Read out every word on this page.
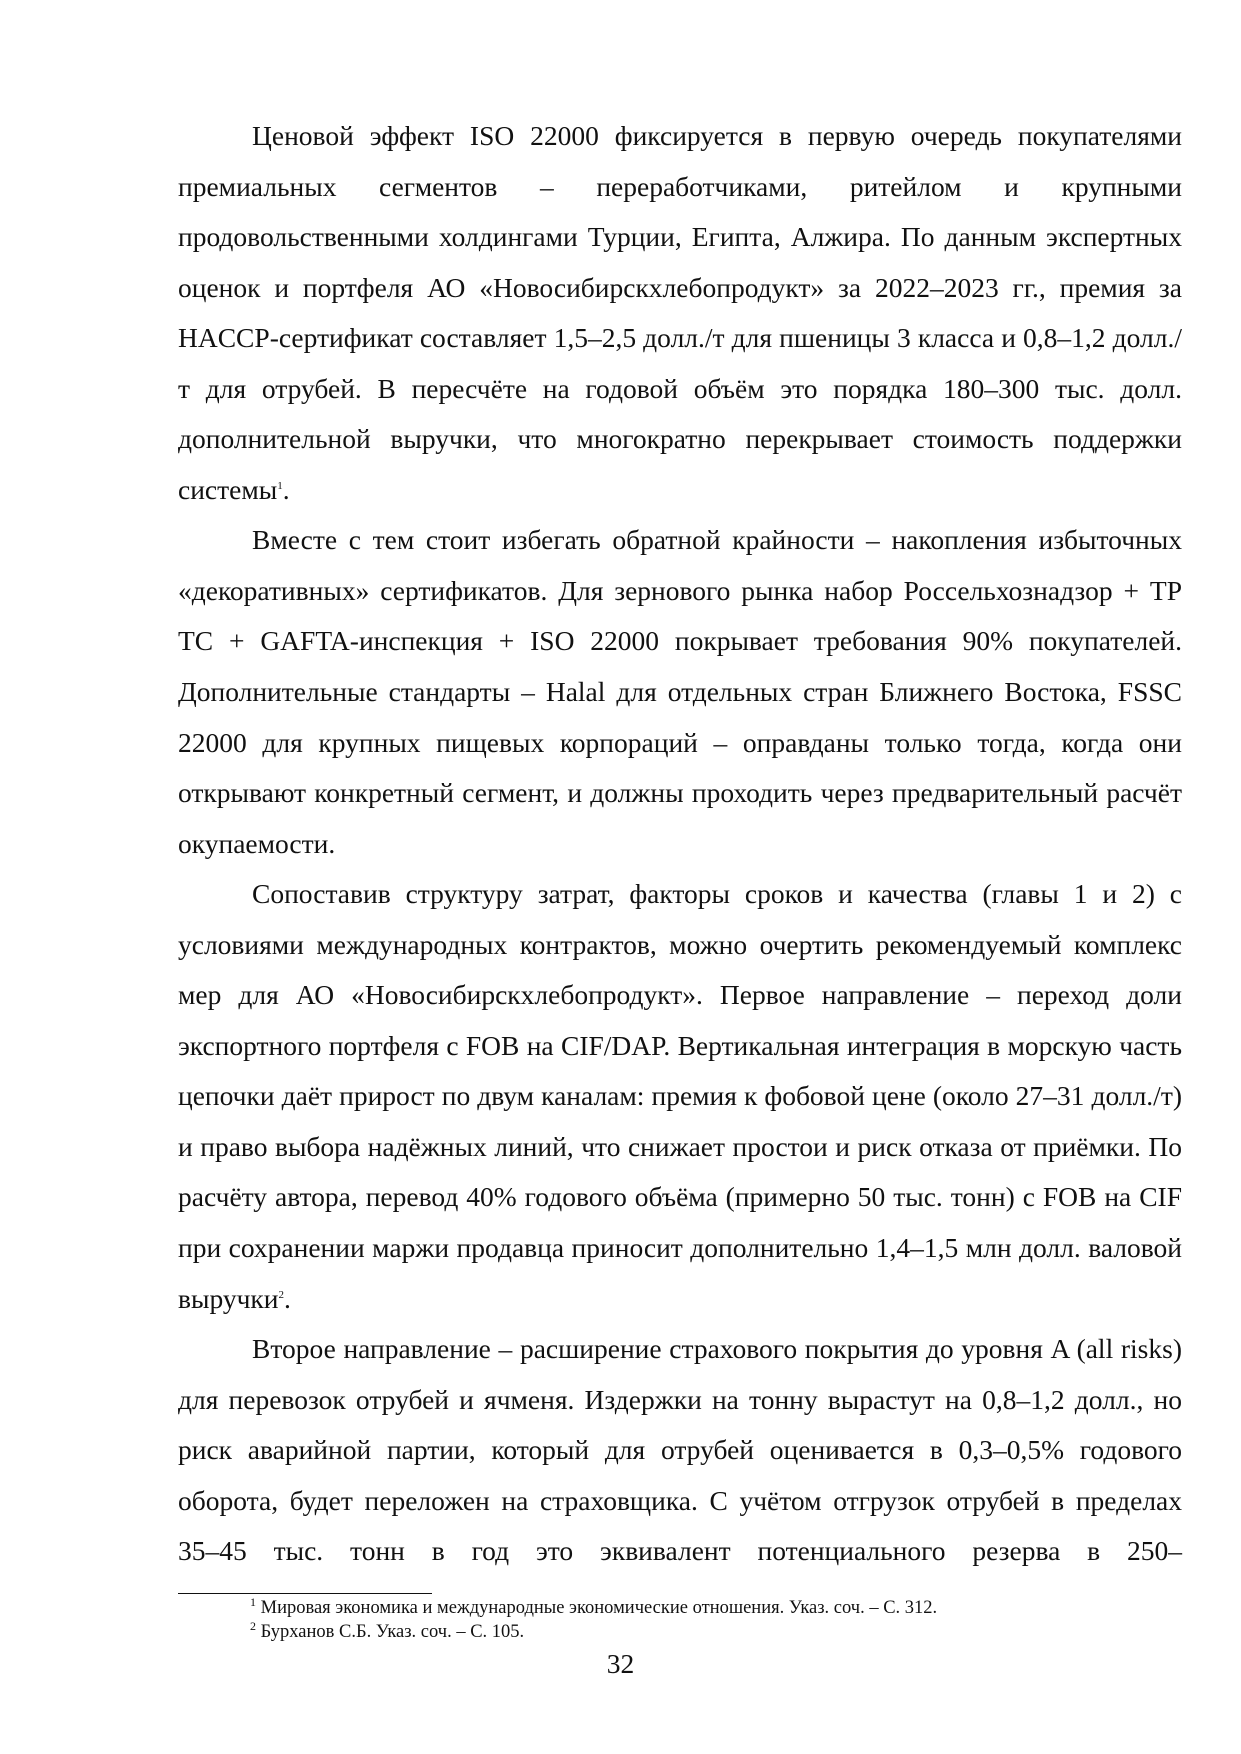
Ценовой эффект ISO 22000 фиксируется в первую очередь покупателями премиальных сегментов – переработчиками, ритейлом и крупными продовольственными холдингами Турции, Египта, Алжира. По данным экспертных оценок и портфеля АО «Новосибирскхлебопродукт» за 2022–2023 гг., премия за HACCP-сертификат составляет 1,5–2,5 долл./т для пшеницы 3 класса и 0,8–1,2 долл./т для отрубей. В пересчёте на годовой объём это порядка 180–300 тыс. долл. дополнительной выручки, что многократно перекрывает стоимость поддержки системы$^1$.

Вместе с тем стоит избегать обратной крайности – накопления избыточных «декоративных» сертификатов. Для зернового рынка набор Россельхознадзор + ТР ТС + GAFTA-инспекция + ISO 22000 покрывает требования 90% покупателей. Дополнительные стандарты – Halal для отдельных стран Ближнего Востока, FSSC 22000 для крупных пищевых корпораций – оправданы только тогда, когда они открывают конкретный сегмент, и должны проходить через предварительный расчёт окупаемости.

Сопоставив структуру затрат, факторы сроков и качества (главы 1 и 2) с условиями международных контрактов, можно очертить рекомендуемый комплекс мер для АО «Новосибирскхлебопродукт». Первое направление – переход доли экспортного портфеля с FOB на CIF/DAP. Вертикальная интеграция в морскую часть цепочки даёт прирост по двум каналам: премия к фобовой цене (около 27–31 долл./т) и право выбора надёжных линий, что снижает простои и риск отказа от приёмки. По расчёту автора, перевод 40% годового объёма (примерно 50 тыс. тонн) с FOB на CIF при сохранении маржи продавца приносит дополнительно 1,4–1,5 млн долл. валовой выручки$^2$.

Второе направление – расширение страхового покрытия до уровня A (all risks) для перевозок отрубей и ячменя. Издержки на тонну вырастут на 0,8–1,2 долл., но риск аварийной партии, который для отрубей оценивается в 0,3–0,5% годового оборота, будет переложен на страховщика. С учётом отгрузок отрубей в пределах 35–45 тыс. тонн в год это эквивалент потенциального резерва в 250–

$^1$ Мировая экономика и международные экономические отношения. Указ. соч. – С. 312.

$^2$ Бурханов С.Б. Указ. соч. – С. 105.

32
